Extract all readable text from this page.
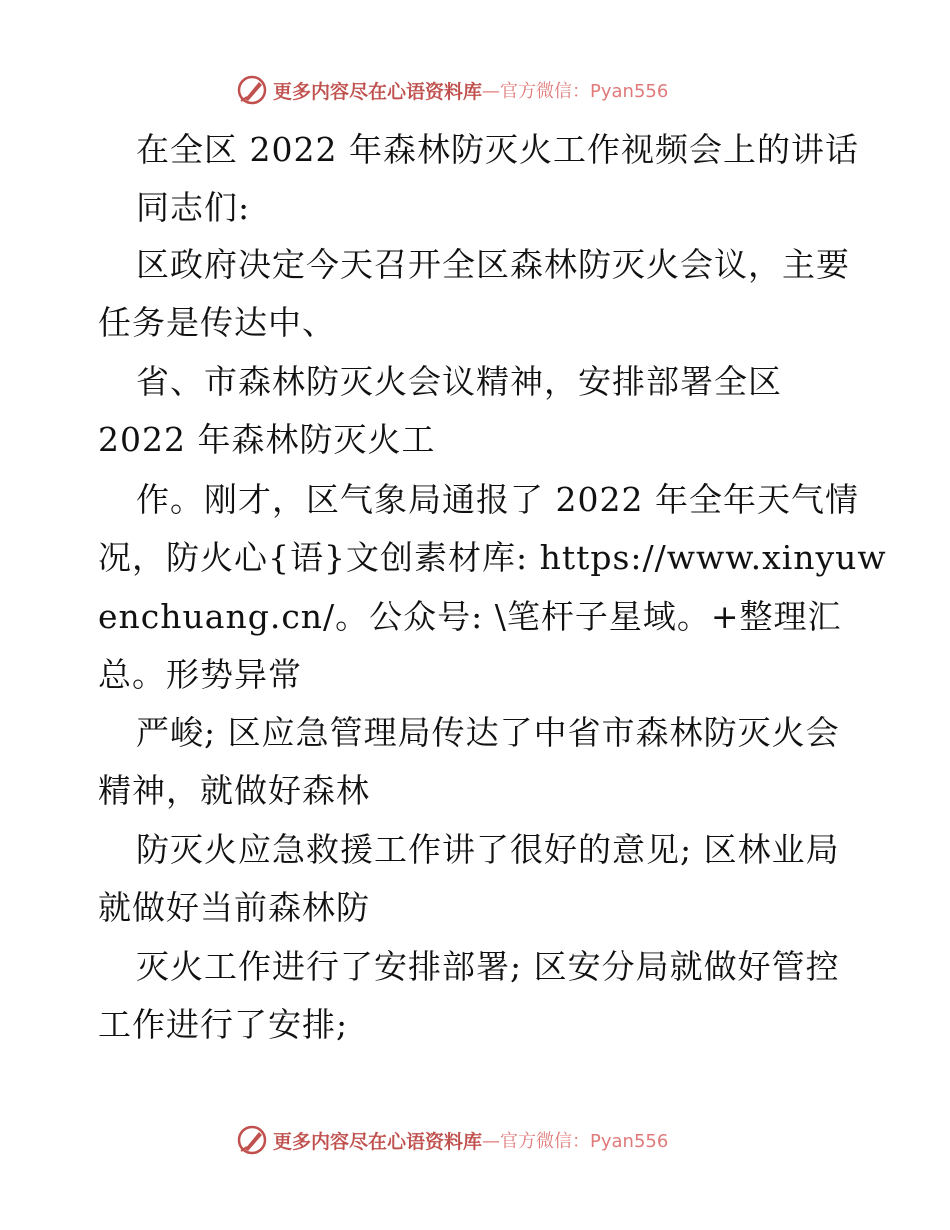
更多内容尽在心语资料库 —官方微信：Pyan556
在全区 2022 年森林防灭火工作视频会上的讲话
同志们:
区政府决定今天召开全区森林防灭火会议，主要
任务是传达中、
省、市森林防灭火会议精神，安排部署全区
2022 年森林防灭火工
作。刚才，区气象局通报了 2022 年全年天气情
况，防火心{语}文创素材库: https://www.xinyuw
enchuang.cn/。公众号: \笔杆子星域。+整理汇
总。形势异常
严峻; 区应急管理局传达了中省市森林防灭火会
精神，就做好森林
防灭火应急救援工作讲了很好的意见; 区林业局
就做好当前森林防
灭火工作进行了安排部署; 区安分局就做好管控
工作进行了安排;
更多内容尽在心语资料库 —官方微信：Pyan556
